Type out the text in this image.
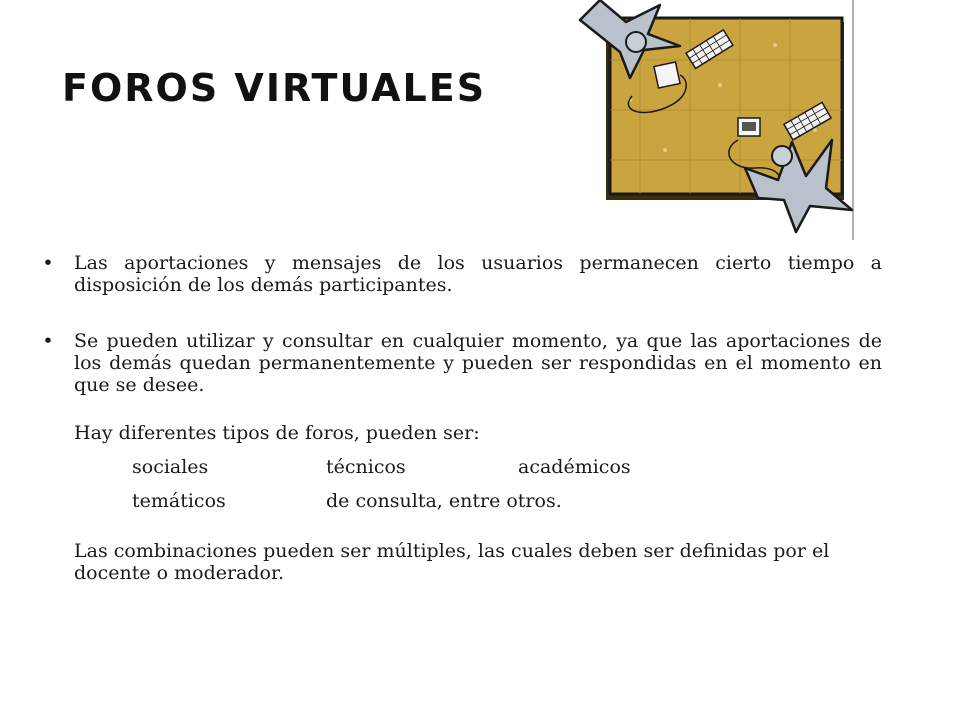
FOROS VIRTUALES
• Las aportaciones y mensajes de los usuarios permanecen cierto tiempo a disposición de los demás participantes.
• Se pueden utilizar y consultar en cualquier momento, ya que las aportaciones de los demás quedan permanentemente y pueden ser respondidas en el momento en que se desee.
Hay diferentes tipos de foros, pueden ser:
sociales	técnicos	académicos
temáticos	de consulta, entre otros.
Las combinaciones pueden ser múltiples, las cuales deben ser definidas por el docente o moderador.
